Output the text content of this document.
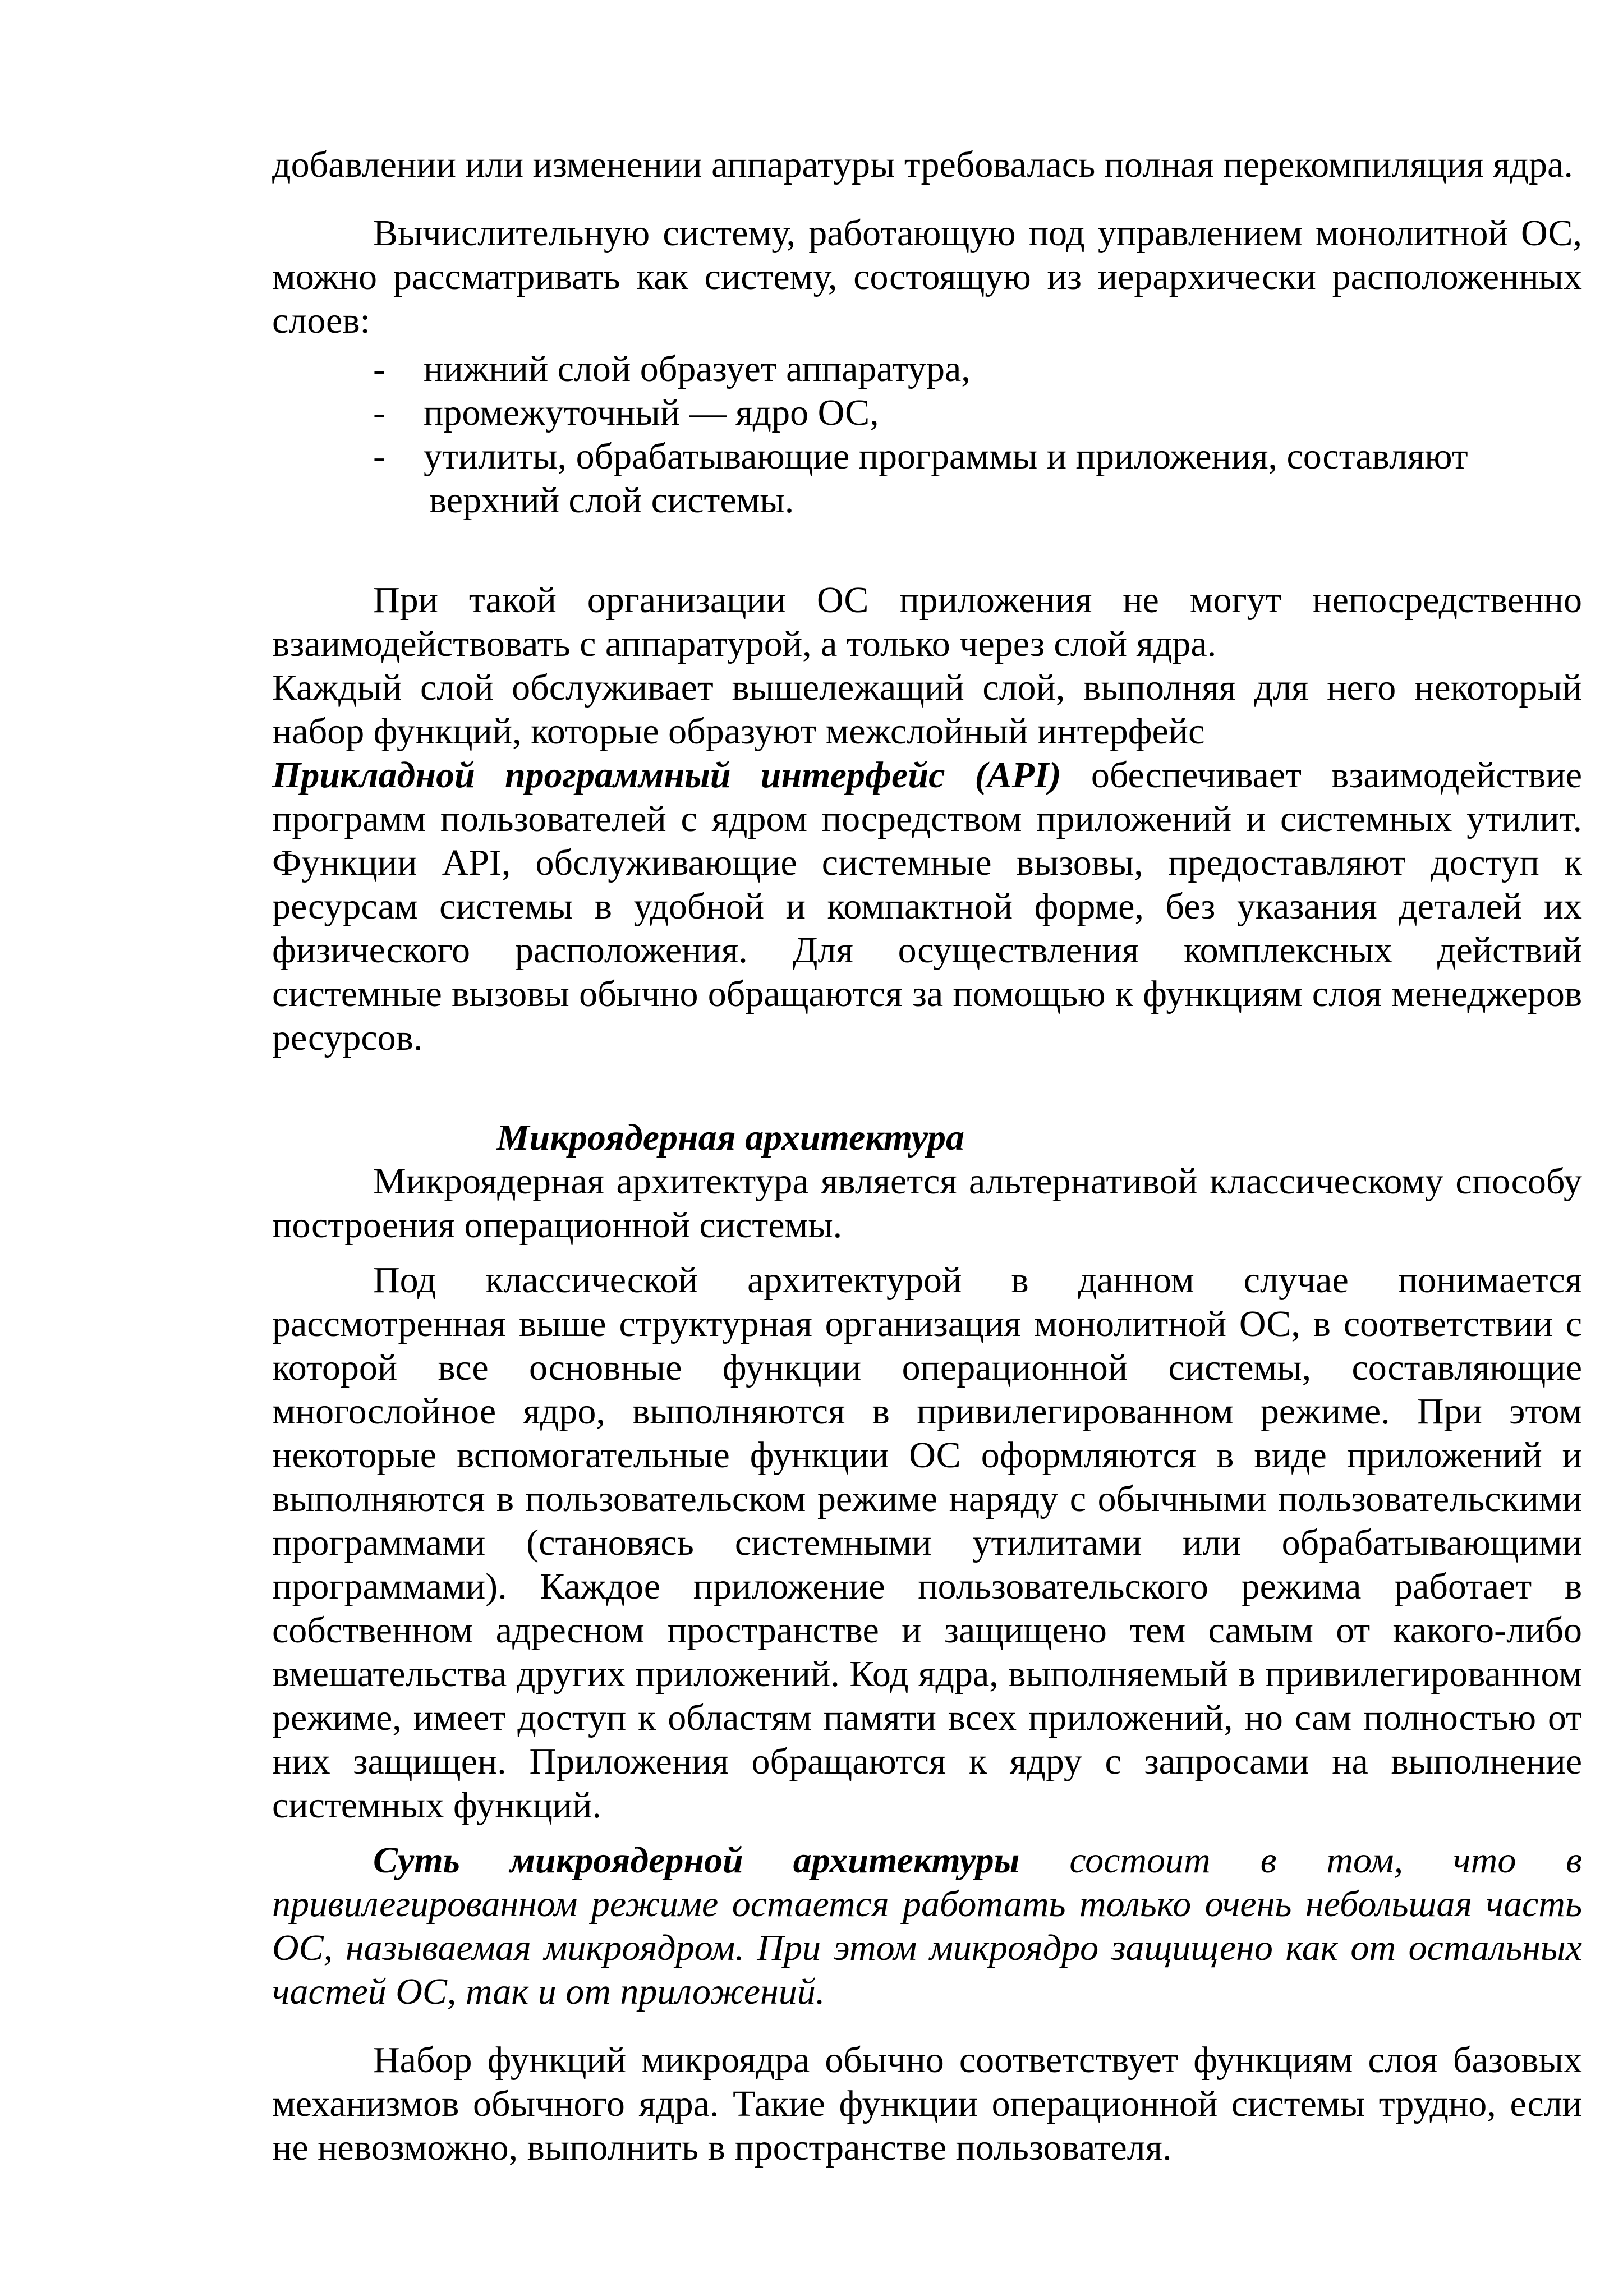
добавлении или изменении аппаратуры требовалась полная перекомпиляция ядра.

Вычислительную систему, работающую под управлением монолитной ОС, можно рассматривать как систему, состоящую из иерархически расположенных слоев:

- нижний слой образует аппаратура,
- промежуточный — ядро ОС,
- утилиты, обрабатывающие программы и приложения, составляют
верхний слой системы.

При такой организации ОС приложения не могут непосредственно взаимодействовать с аппаратурой, а только через слой ядра.

Каждый слой обслуживает вышележащий слой, выполняя для него некоторый набор функций, которые образуют межслойный интерфейс

Прикладной программный интерфейс (API) обеспечивает взаимодействие программ пользователей с ядром посредством приложений и системных утилит. Функции API, обслуживающие системные вызовы, предоставляют доступ к ресурсам системы в удобной и компактной форме, без указания деталей их физического расположения. Для осуществления комплексных действий системные вызовы обычно обращаются за помощью к функциям слоя менеджеров ресурсов.

Микроядерная архитектура

Микроядерная архитектура является альтернативой классическому способу построения операционной системы.

Под классической архитектурой в данном случае понимается рассмотренная выше структурная организация монолитной ОС, в соответствии с которой все основные функции операционной системы, составляющие многослойное ядро, выполняются в привилегированном режиме. При этом некоторые вспомогательные функции ОС оформляются в виде приложений и выполняются в пользовательском режиме наряду с обычными пользовательскими программами (становясь системными утилитами или обрабатывающими программами). Каждое приложение пользовательского режима работает в собственном адресном пространстве и защищено тем самым от какого-либо вмешательства других приложений. Код ядра, выполняемый в привилегированном режиме, имеет доступ к областям памяти всех приложений, но сам полностью от них защищен. Приложения обращаются к ядру с запросами на выполнение системных функций.

Суть микроядерной архитектуры состоит в том, что в привилегированном режиме остается работать только очень небольшая часть ОС, называемая микроядром. При этом микроядро защищено как от остальных частей ОС, так и от приложений.

Набор функций микроядра обычно соответствует функциям слоя базовых механизмов обычного ядра. Такие функции операционной системы трудно, если не невозможно, выполнить в пространстве пользователя.
